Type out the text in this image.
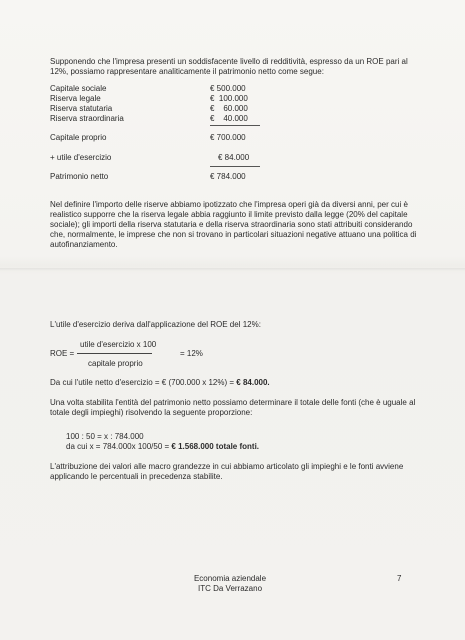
Supponendo che l'impresa presenti un soddisfacente livello di redditività, espresso da un ROE pari al 12%, possiamo rappresentare analiticamente il patrimonio netto come segue:
Capitale sociale	€ 500.000
Riserva legale	€  100.000
Riserva statutaria	€    60.000
Riserva straordinaria	€    40.000
Capitale proprio	€ 700.000
+ utile d'esercizio	€ 84.000
Patrimonio netto	€ 784.000
Nel definire l'importo delle riserve abbiamo ipotizzato che l'impresa operi già da diversi anni, per cui è realistico supporre che la riserva legale abbia raggiunto il limite previsto dalla legge (20% del capitale sociale); gli importi della riserva statutaria e della riserva straordinaria sono stati attribuiti considerando che, normalmente, le imprese che non si trovano in particolari situazioni negative attuano una politica di autofinanziamento.
L'utile d'esercizio deriva dall'applicazione del ROE del 12%:
ROE =
utile d'esercizio x 100
capitale proprio
= 12%
Da cui l'utile netto d'esercizio = € (700.000 x 12%) = € 84.000.
Una volta stabilita l'entità del patrimonio netto possiamo determinare il totale delle fonti (che è uguale al totale degli impieghi) risolvendo la seguente proporzione:
100 : 50 = x : 784.000
da cui x = 784.000x 100/50 = € 1.568.000 totale fonti.
L'attribuzione dei valori alle macro grandezze in cui abbiamo articolato gli impieghi e le fonti avviene applicando le percentuali in precedenza stabilite.
Economia aziendale
ITC Da Verrazano
7
